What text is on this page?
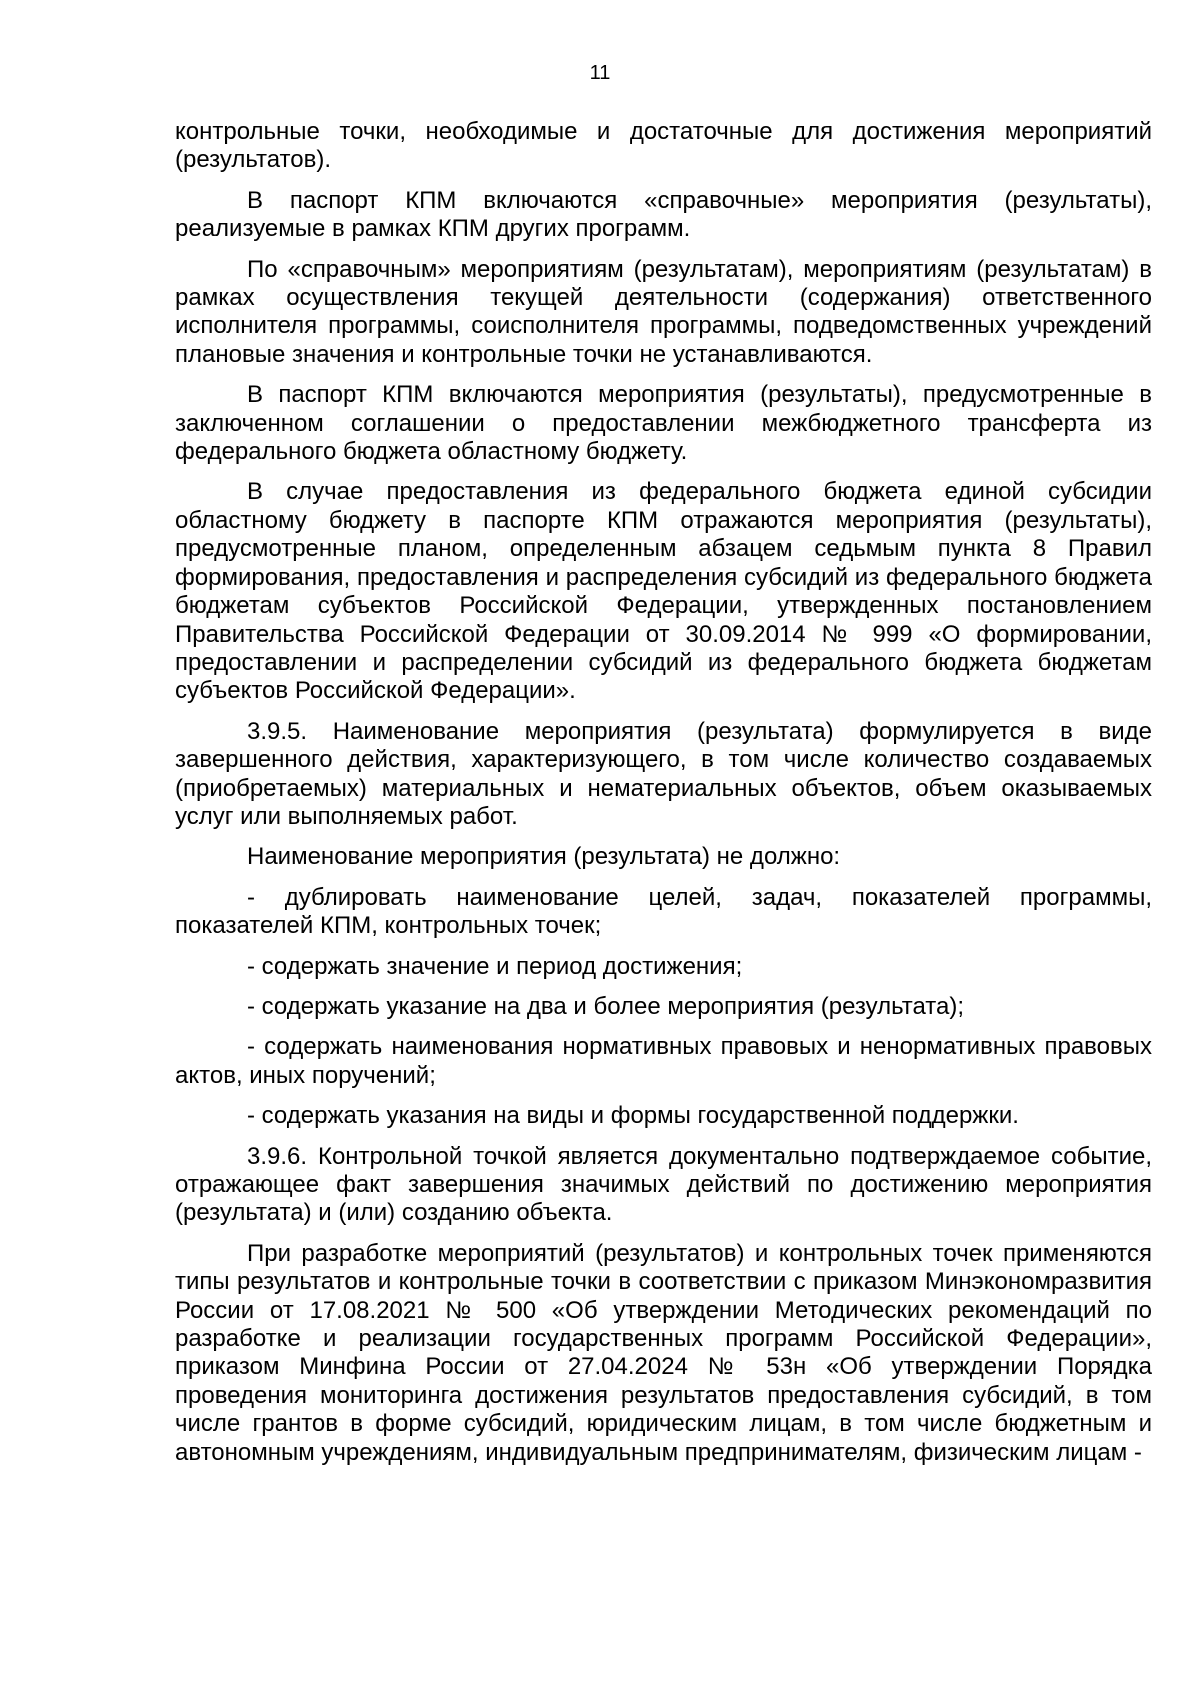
11

контрольные точки, необходимые и достаточные для достижения мероприятий (результатов).

В паспорт КПМ включаются «справочные» мероприятия (результаты), реализуемые в рамках КПМ других программ.

По «справочным» мероприятиям (результатам), мероприятиям (результатам) в рамках осуществления текущей деятельности (содержания) ответственного исполнителя программы, соисполнителя программы, подведомственных учреждений плановые значения и контрольные точки не устанавливаются.

В паспорт КПМ включаются мероприятия (результаты), предусмотренные в заключенном соглашении о предоставлении межбюджетного трансферта из федерального бюджета областному бюджету.

В случае предоставления из федерального бюджета единой субсидии областному бюджету в паспорте КПМ отражаются мероприятия (результаты), предусмотренные планом, определенным абзацем седьмым пункта 8 Правил формирования, предоставления и распределения субсидий из федерального бюджета бюджетам субъектов Российской Федерации, утвержденных постановлением Правительства Российской Федерации от 30.09.2014 № 999 «О формировании, предоставлении и распределении субсидий из федерального бюджета бюджетам субъектов Российской Федерации».

3.9.5. Наименование мероприятия (результата) формулируется в виде завершенного действия, характеризующего, в том числе количество создаваемых (приобретаемых) материальных и нематериальных объектов, объем оказываемых услуг или выполняемых работ.

Наименование мероприятия (результата) не должно:

- дублировать наименование целей, задач, показателей программы, показателей КПМ, контрольных точек;

- содержать значение и период достижения;

- содержать указание на два и более мероприятия (результата);

- содержать наименования нормативных правовых и ненормативных правовых актов, иных поручений;

- содержать указания на виды и формы государственной поддержки.

3.9.6. Контрольной точкой является документально подтверждаемое событие, отражающее факт завершения значимых действий по достижению мероприятия (результата) и (или) созданию объекта.

При разработке мероприятий (результатов) и контрольных точек применяются типы результатов и контрольные точки в соответствии с приказом Минэкономразвития России от 17.08.2021 № 500 «Об утверждении Методических рекомендаций по разработке и реализации государственных программ Российской Федерации», приказом Минфина России от 27.04.2024 № 53н «Об утверждении Порядка проведения мониторинга достижения результатов предоставления субсидий, в том числе грантов в форме субсидий, юридическим лицам, в том числе бюджетным и автономным учреждениям, индивидуальным предпринимателям, физическим лицам -
